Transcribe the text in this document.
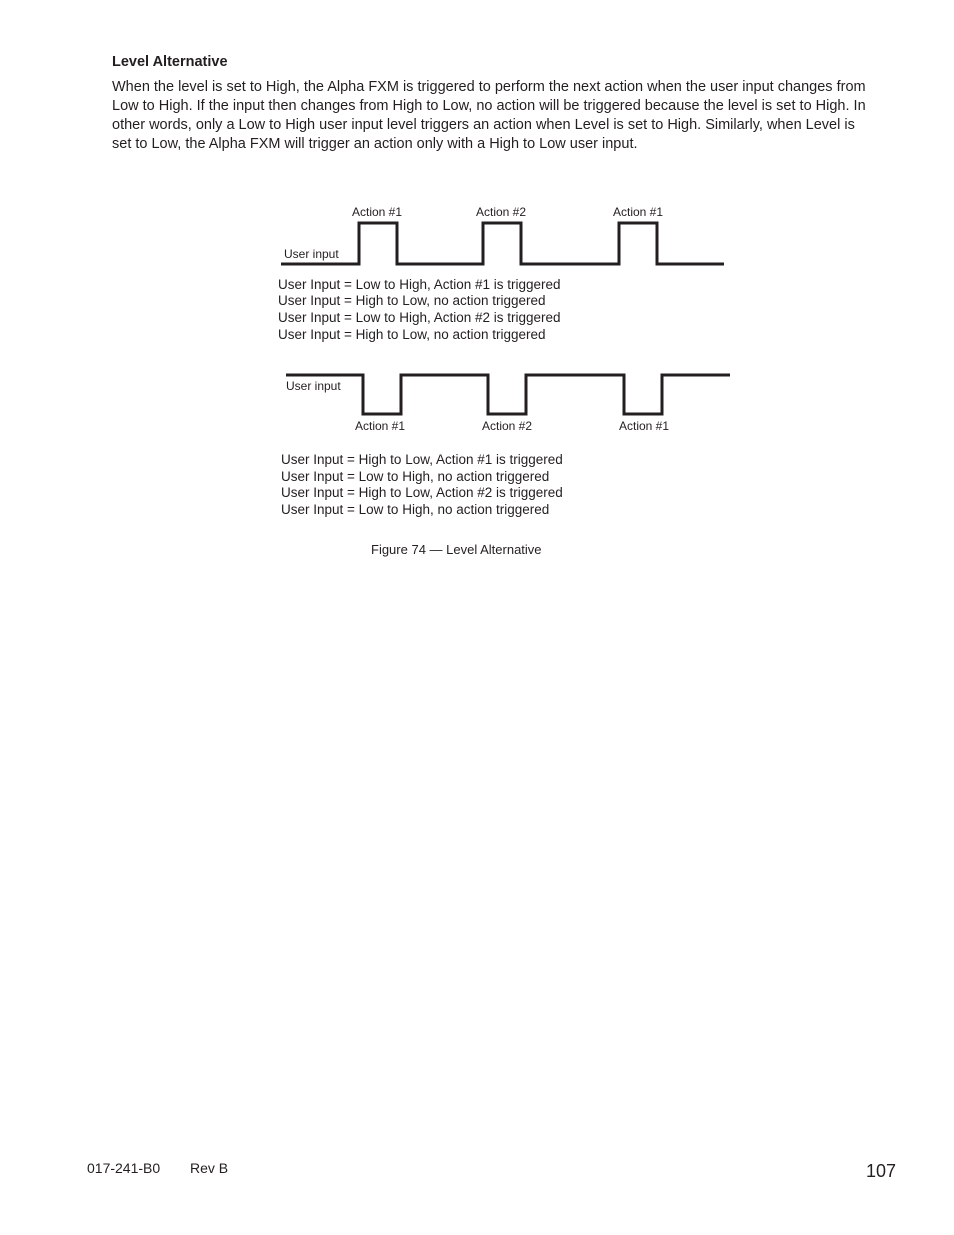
Level Alternative

When the level is set to High, the Alpha FXM is triggered to perform the next action when the user input changes from Low to High. If the input then changes from High to Low, no action will be triggered because the level is set to High. In other words, only a Low to High user input level triggers an action when Level is set to High. Similarly, when Level is set to Low, the Alpha FXM will trigger an action only with a High to Low user input.

Action #1	Action #2	Action #1
User input
User Input = Low to High, Action #1 is triggered
User Input = High to Low, no action triggered
User Input = Low to High, Action #2 is triggered
User Input = High to Low, no action triggered
User input
Action #1	Action #2	Action #1
User Input = High to Low, Action #1 is triggered
User Input = Low to High, no action triggered
User Input = High to Low, Action #2 is triggered
User Input = Low to High, no action triggered
Figure 74 — Level Alternative
017-241-B0 Rev B	107
